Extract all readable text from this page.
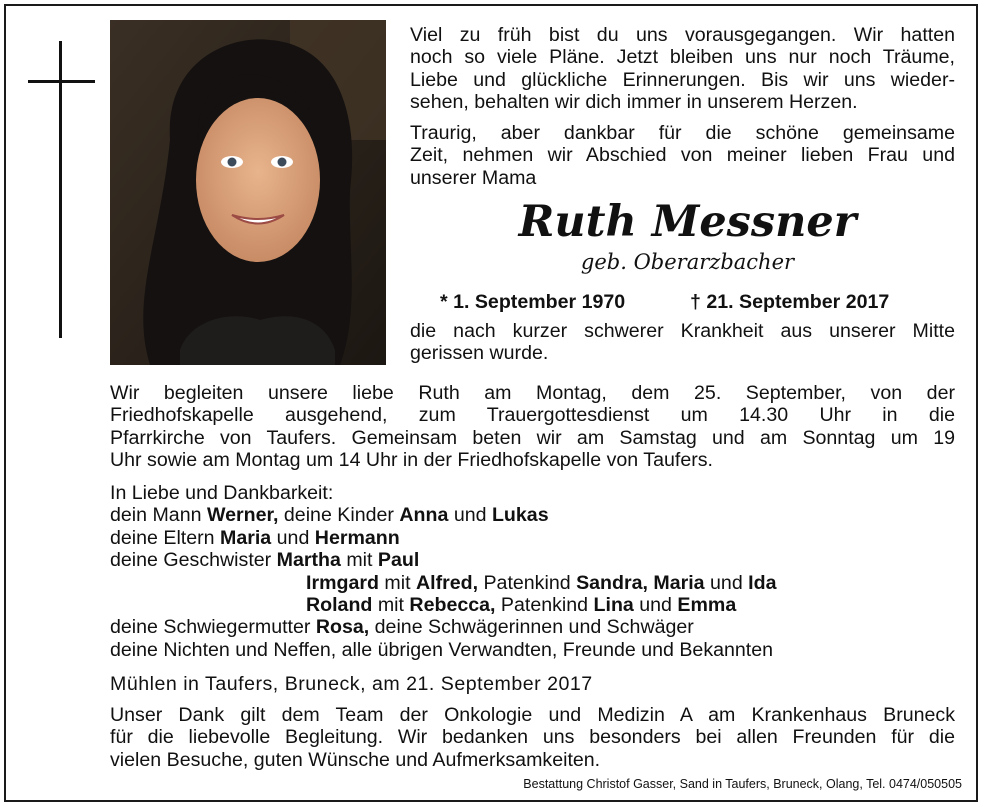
Viel zu früh bist du uns vorausgegangen. Wir hatten
noch so viele Pläne. Jetzt bleiben uns nur noch Träume,
Liebe und glückliche Erinnerungen. Bis wir uns wieder-
sehen, behalten wir dich immer in unserem Herzen.
Traurig, aber dankbar für die schöne gemeinsame
Zeit, nehmen wir Abschied von meiner lieben Frau und
unserer Mama
Ruth Messner
geb. Oberarzbacher
* 1. September 1970	† 21. September 2017
die nach kurzer schwerer Krankheit aus unserer Mitte
gerissen wurde.
Wir begleiten unsere liebe Ruth am Montag, dem 25. September, von der
Friedhofskapelle ausgehend, zum Trauergottesdienst um 14.30 Uhr in die
Pfarrkirche von Taufers. Gemeinsam beten wir am Samstag und am Sonntag um 19
Uhr sowie am Montag um 14 Uhr in der Friedhofskapelle von Taufers.
In Liebe und Dankbarkeit:
dein Mann Werner, deine Kinder Anna und Lukas
deine Eltern Maria und Hermann
deine Geschwister Martha mit Paul
Irmgard mit Alfred, Patenkind Sandra, Maria und Ida
Roland mit Rebecca, Patenkind Lina und Emma
deine Schwiegermutter Rosa, deine Schwägerinnen und Schwäger
deine Nichten und Neffen, alle übrigen Verwandten, Freunde und Bekannten
Mühlen in Taufers, Bruneck, am 21. September 2017
Unser Dank gilt dem Team der Onkologie und Medizin A am Krankenhaus Bruneck
für die liebevolle Begleitung. Wir bedanken uns besonders bei allen Freunden für die
vielen Besuche, guten Wünsche und Aufmerksamkeiten.
Bestattung Christof Gasser, Sand in Taufers, Bruneck, Olang, Tel. 0474/050505
